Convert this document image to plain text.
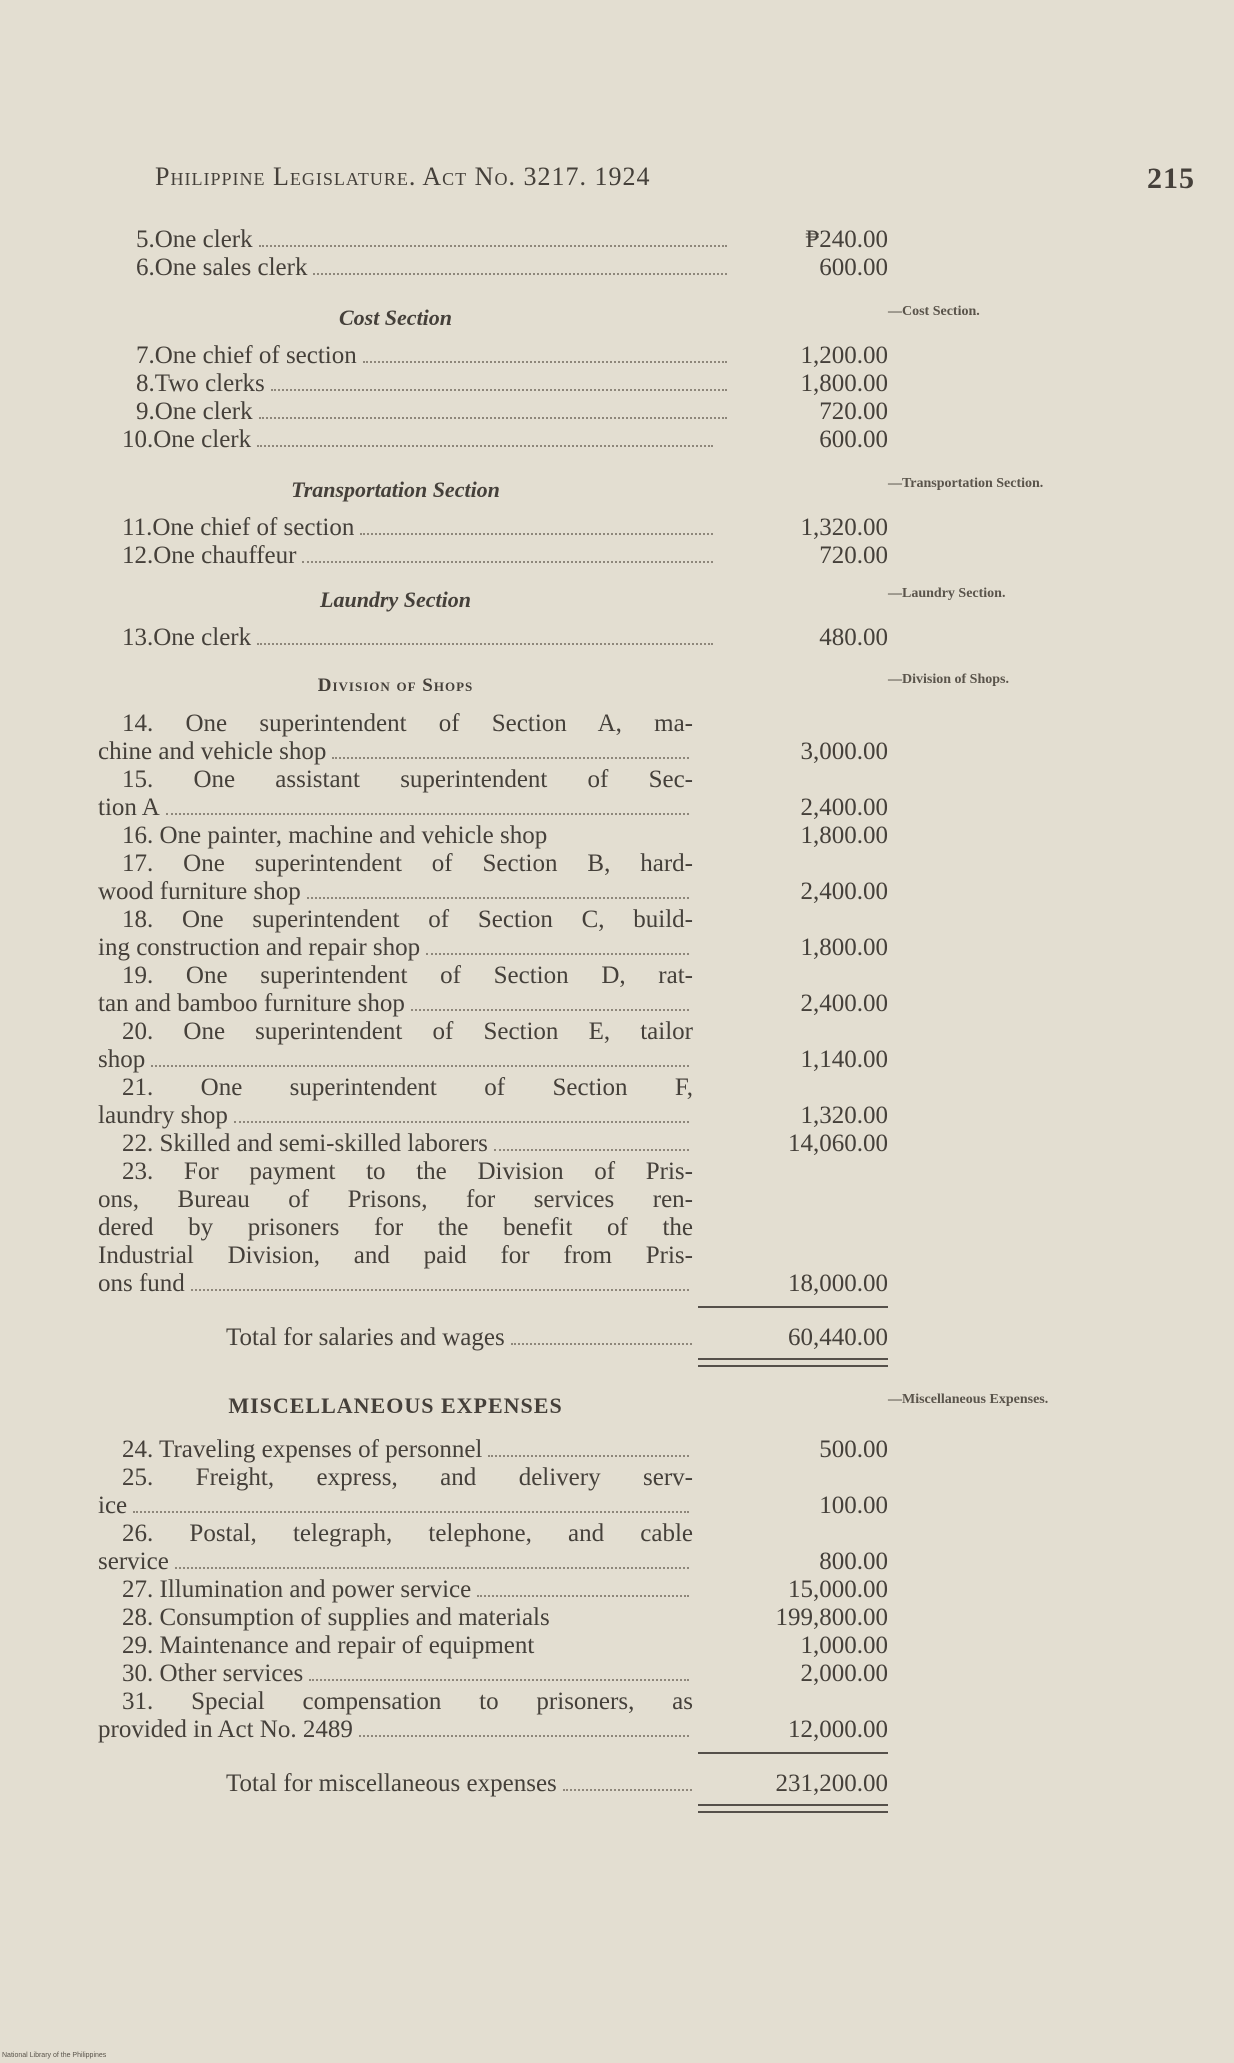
Philippine Legislature. Act No. 3217. 1924	215
5. One clerk	₱240.00
6. One sales clerk	600.00
Cost Section	—Cost Section.
7. One chief of section	1,200.00
8. Two clerks	1,800.00
9. One clerk	720.00
10. One clerk	600.00
Transportation Section	—Transportation Section.
11. One chief of section	1,320.00
12. One chauffeur	720.00
Laundry Section	—Laundry Section.
13. One clerk	480.00
Division of Shops	—Division of Shops.
14. One superintendent of Section A, ma-
chine and vehicle shop	3,000.00
15. One assistant superintendent of Sec-
tion A	2,400.00
16. One painter, machine and vehicle shop	1,800.00
17. One superintendent of Section B, hard-
wood furniture shop	2,400.00
18. One superintendent of Section C, build-
ing construction and repair shop	1,800.00
19. One superintendent of Section D, rat-
tan and bamboo furniture shop	2,400.00
20. One superintendent of Section E, tailor
shop	1,140.00
21. One superintendent of Section F,
laundry shop	1,320.00
22. Skilled and semi-skilled laborers	14,060.00
23. For payment to the Division of Pris-
ons, Bureau of Prisons, for services ren-
dered by prisoners for the benefit of the
Industrial Division, and paid for from Pris-
ons fund	18,000.00
Total for salaries and wages	60,440.00
MISCELLANEOUS EXPENSES	—Miscellaneous Expenses.
24. Traveling expenses of personnel	500.00
25. Freight, express, and delivery serv-
ice	100.00
26. Postal, telegraph, telephone, and cable
service	800.00
27. Illumination and power service	15,000.00
28. Consumption of supplies and materials	199,800.00
29. Maintenance and repair of equipment	1,000.00
30. Other services	2,000.00
31. Special compensation to prisoners, as
provided in Act No. 2489	12,000.00
Total for miscellaneous expenses	231,200.00
National Library of the Philippines
